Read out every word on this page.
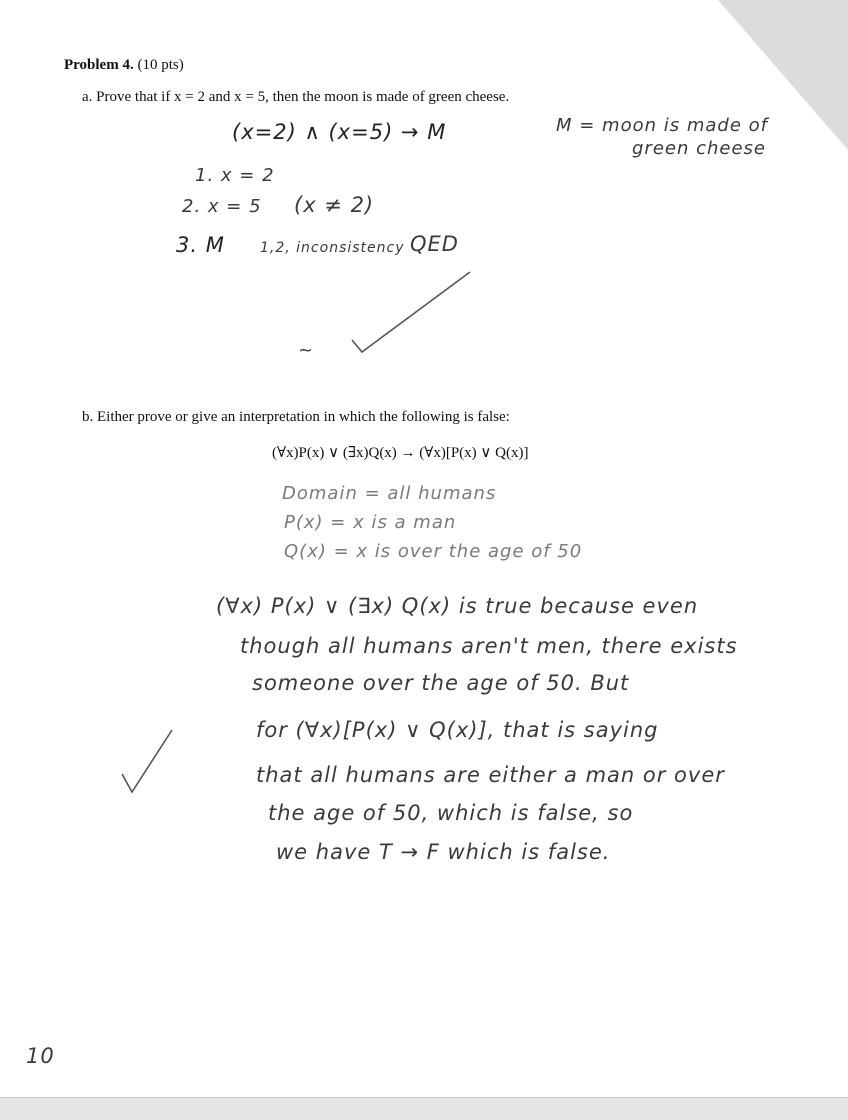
Problem 4. (10 pts)
a. Prove that if x = 2 and x = 5, then the moon is made of green cheese.
(x=2) ∧ (x=5) → M	M = moon is made of
green cheese
1. x = 2
2. x = 5 (x ≠ 2)
3. M	1,2, inconsistency QED
~
b. Either prove or give an interpretation in which the following is false:
(∀x)P(x) ∨ (∃x)Q(x) → (∀x)[P(x) ∨ Q(x)]
Domain = all humans
P(x) = x is a man
Q(x) = x is over the age of 50
(∀x) P(x) ∨ (∃x) Q(x) is true because even
though all humans aren't men, there exists
someone over the age of 50. But
for (∀x)[P(x) ∨ Q(x)], that is saying
that all humans are either a man or over
the age of 50, which is false, so
we have T → F which is false.
10
